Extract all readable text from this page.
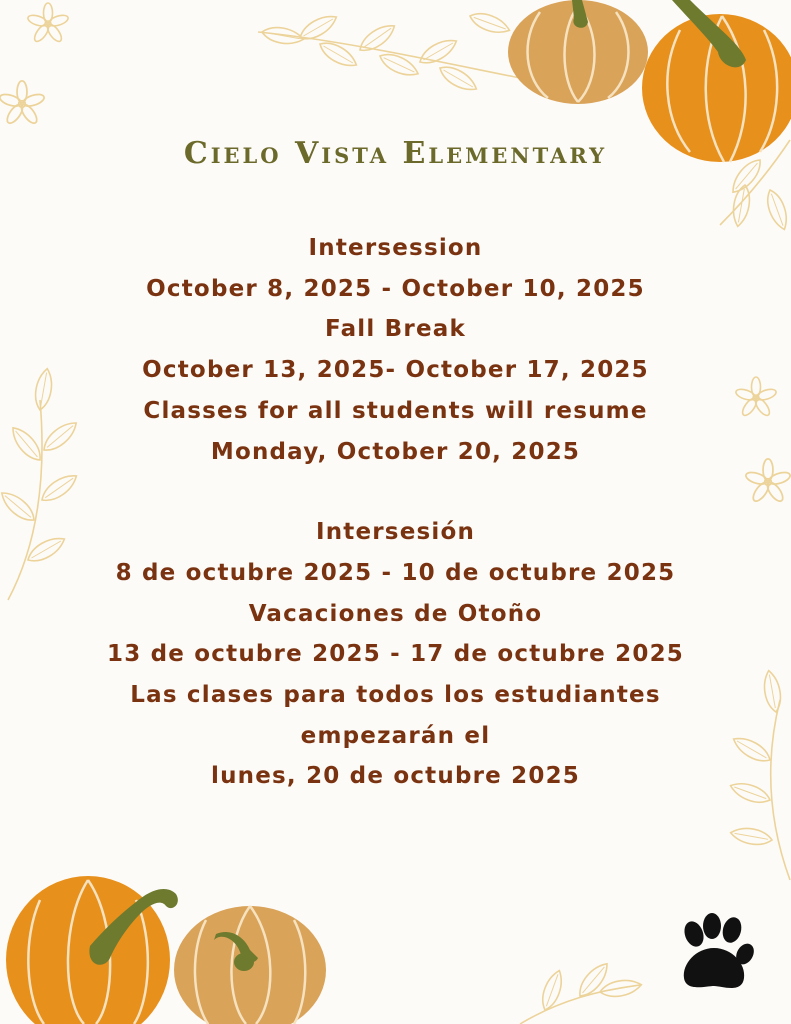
Cielo Vista Elementary
Intersession
October 8, 2025 - October 10, 2025
Fall Break
October 13, 2025- October 17, 2025
Classes for all students will resume
Monday, October 20, 2025
Intersesión
8 de octubre 2025 - 10 de octubre 2025
Vacaciones de Otoño
13 de octubre 2025 - 17 de octubre 2025
Las clases para todos los estudiantes
empezarán el
lunes, 20 de octubre 2025
